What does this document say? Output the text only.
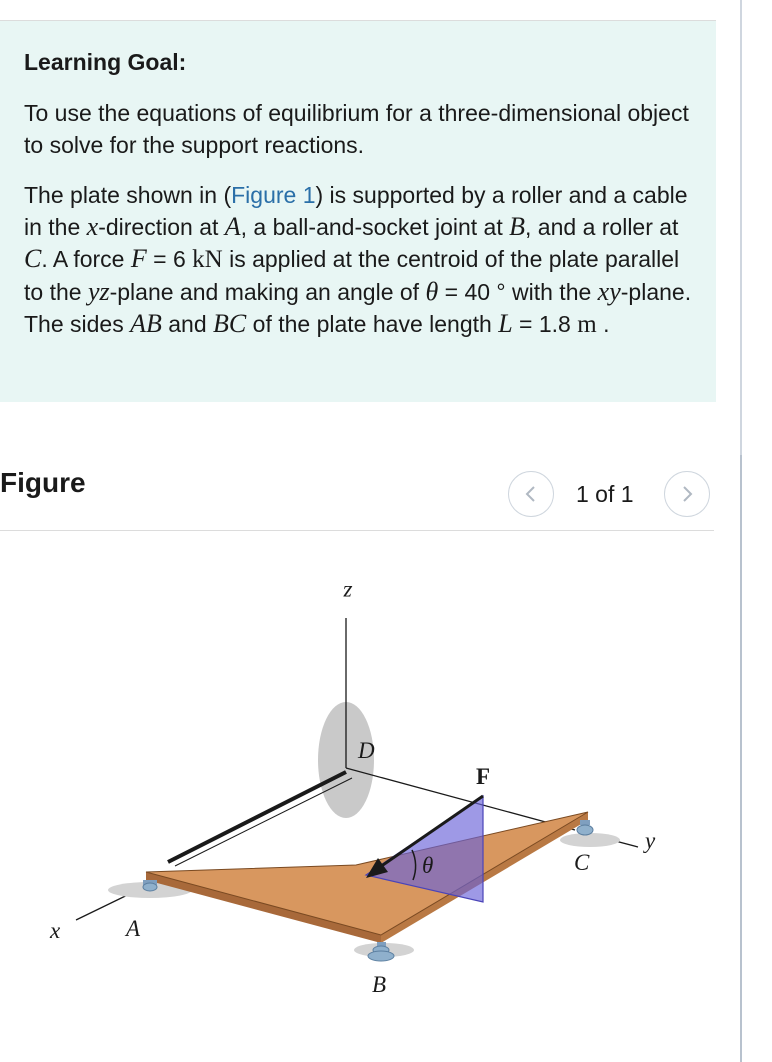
Learning Goal:

To use the equations of equilibrium for a three-dimensional object to solve for the support reactions.

The plate shown in (Figure 1) is supported by a roller and a cable in the x-direction at A, a ball-and-socket joint at B, and a roller at C. A force F = 6 kN is applied at the centroid of the plate parallel to the yz-plane and making an angle of θ = 40 ° with the xy-plane. The sides AB and BC of the plate have length L = 1.8 m .

Figure	1 of 1
z
D
F
θ
y
C
x	A
B
